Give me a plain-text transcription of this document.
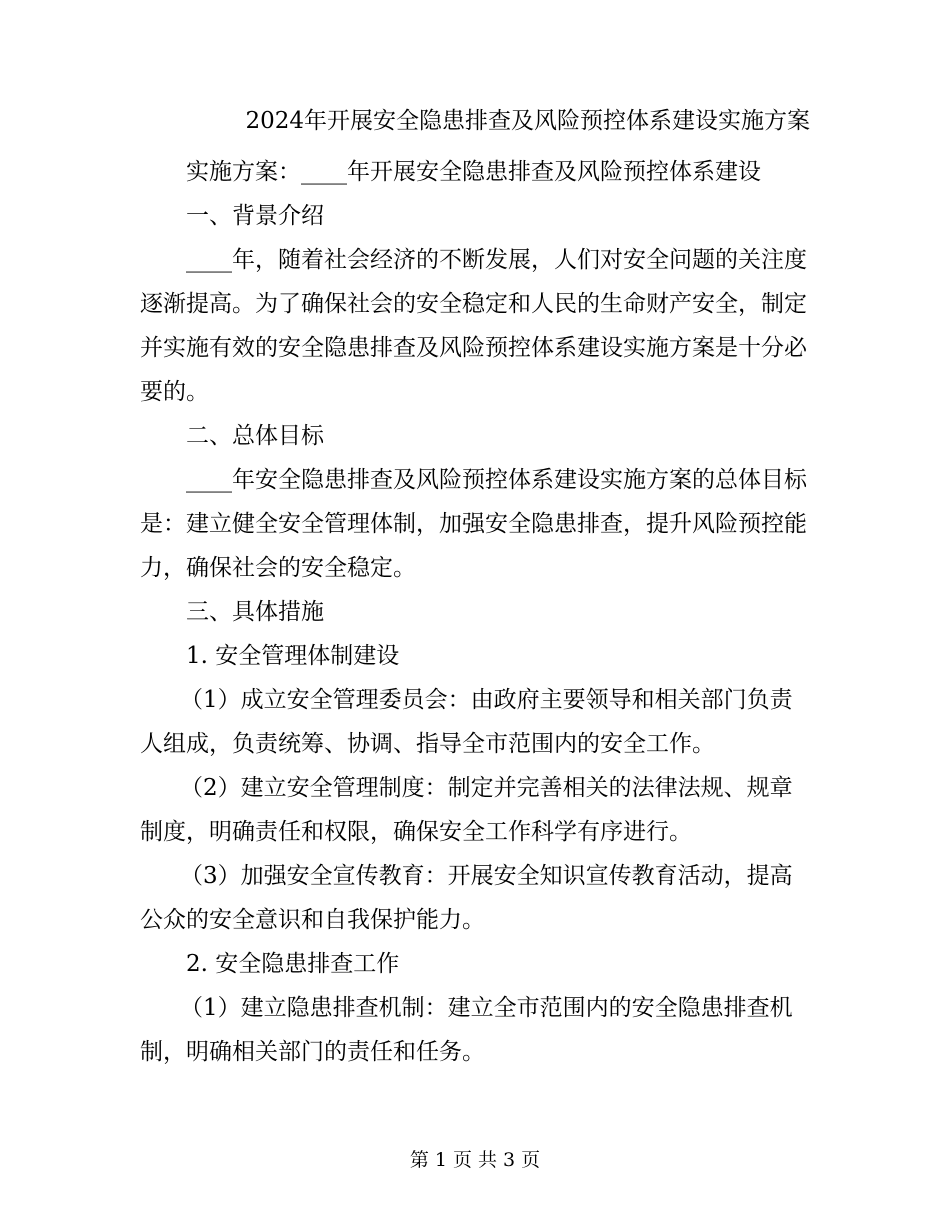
2024年开展安全隐患排查及风险预控体系建设实施方案

实施方案：____年开展安全隐患排查及风险预控体系建设

一、背景介绍

____年，随着社会经济的不断发展，人们对安全问题的关注度逐渐提高。为了确保社会的安全稳定和人民的生命财产安全，制定并实施有效的安全隐患排查及风险预控体系建设实施方案是十分必要的。

二、总体目标

____年安全隐患排查及风险预控体系建设实施方案的总体目标是：建立健全安全管理体制，加强安全隐患排查，提升风险预控能力，确保社会的安全稳定。

三、具体措施

1. 安全管理体制建设

（1）成立安全管理委员会：由政府主要领导和相关部门负责人组成，负责统筹、协调、指导全市范围内的安全工作。

（2）建立安全管理制度：制定并完善相关的法律法规、规章制度，明确责任和权限，确保安全工作科学有序进行。

（3）加强安全宣传教育：开展安全知识宣传教育活动，提高公众的安全意识和自我保护能力。

2. 安全隐患排查工作

（1）建立隐患排查机制：建立全市范围内的安全隐患排查机制，明确相关部门的责任和任务。

第 1 页 共 3 页
